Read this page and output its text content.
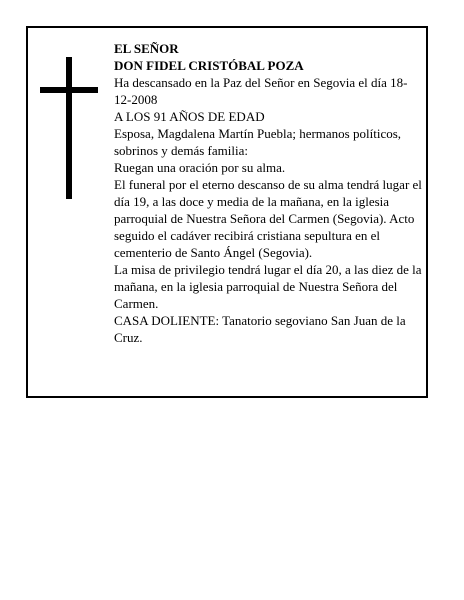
EL SEÑOR

DON FIDEL CRISTÓBAL POZA

Ha descansado en la Paz del Señor en Segovia el día 18-12-2008

A LOS 91 AÑOS DE EDAD

Esposa, Magdalena Martín Puebla; hermanos políticos, sobrinos y demás familia:

Ruegan una oración por su alma.

El funeral por el eterno descanso de su alma tendrá lugar el día 19, a las doce y media de la mañana, en la iglesia parroquial de Nuestra Señora del Carmen (Segovia). Acto seguido el cadáver recibirá cristiana sepultura en el cementerio de Santo Ángel (Segovia).

La misa de privilegio tendrá lugar el día 20, a las diez de la mañana, en la iglesia parroquial de Nuestra Señora del Carmen.

CASA DOLIENTE: Tanatorio segoviano San Juan de la Cruz.
